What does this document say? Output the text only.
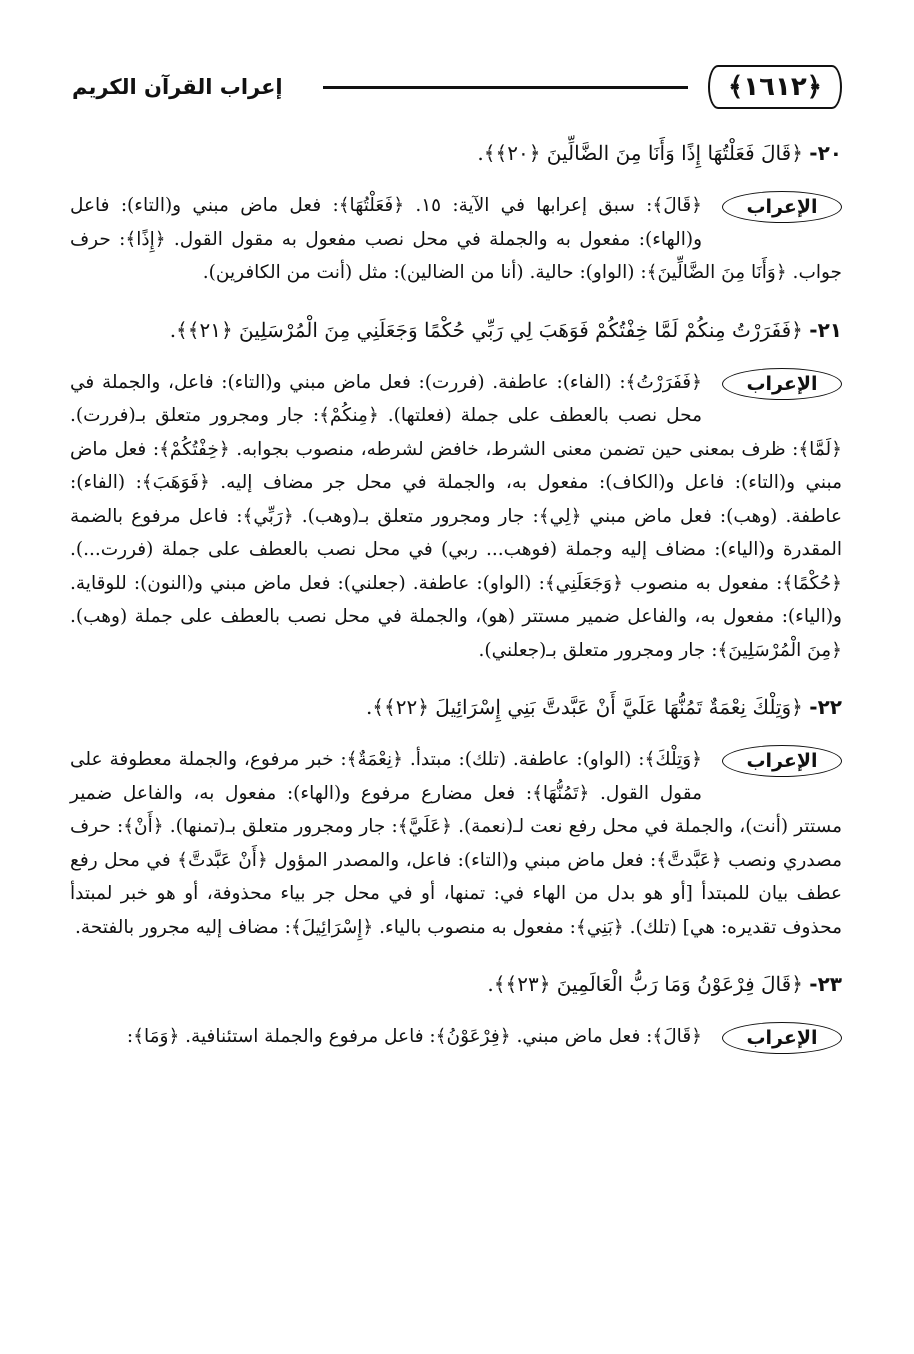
﴿١٦١٢﴾
إعراب القرآن الكريم
٢٠- ﴿قَالَ فَعَلْتُهَا إِذًا وَأَنَا مِنَ الضَّالِّينَ ﴿٢٠﴾﴾.
الإعراب
﴿قَالَ﴾: سبق إعرابها في الآية: ١٥. ﴿فَعَلْتُهَا﴾: فعل ماض مبني و(التاء): فاعل و(الهاء): مفعول به والجملة في محل نصب مفعول به مقول القول. ﴿إِذًا﴾: حرف جواب. ﴿وَأَنَا مِنَ الضَّالِّينَ﴾: (الواو): حالية. (أنا من الضالين): مثل (أنت من الكافرين).
٢١- ﴿فَفَرَرْتُ مِنكُمْ لَمَّا خِفْتُكُمْ فَوَهَبَ لِي رَبِّي حُكْمًا وَجَعَلَنِي مِنَ الْمُرْسَلِينَ ﴿٢١﴾﴾.
الإعراب
﴿فَفَرَرْتُ﴾: (الفاء): عاطفة. (فررت): فعل ماض مبني و(التاء): فاعل، والجملة في محل نصب بالعطف على جملة (فعلتها). ﴿مِنكُمْ﴾: جار ومجرور متعلق بـ(فررت). ﴿لَمَّا﴾: ظرف بمعنى حين تضمن معنى الشرط، خافض لشرطه، منصوب بجوابه. ﴿خِفْتُكُمْ﴾: فعل ماض مبني و(التاء): فاعل و(الكاف): مفعول به، والجملة في محل جر مضاف إليه. ﴿فَوَهَبَ﴾: (الفاء): عاطفة. (وهب): فعل ماض مبني ﴿لِي﴾: جار ومجرور متعلق بـ(وهب). ﴿رَبِّي﴾: فاعل مرفوع بالضمة المقدرة و(الياء): مضاف إليه وجملة (فوهب... ربي) في محل نصب بالعطف على جملة (فررت...). ﴿حُكْمًا﴾: مفعول به منصوب ﴿وَجَعَلَنِي﴾: (الواو): عاطفة. (جعلني): فعل ماض مبني و(النون): للوقاية. و(الياء): مفعول به، والفاعل ضمير مستتر (هو)، والجملة في محل نصب بالعطف على جملة (وهب). ﴿مِنَ الْمُرْسَلِينَ﴾: جار ومجرور متعلق بـ(جعلني).
٢٢- ﴿وَتِلْكَ نِعْمَةٌ تَمُنُّهَا عَلَيَّ أَنْ عَبَّدتَّ بَنِي إِسْرَائِيلَ ﴿٢٢﴾﴾.
الإعراب
﴿وَتِلْكَ﴾: (الواو): عاطفة. (تلك): مبتدأ. ﴿نِعْمَةٌ﴾: خبر مرفوع، والجملة معطوفة على مقول القول. ﴿تَمُنُّهَا﴾: فعل مضارع مرفوع و(الهاء): مفعول به، والفاعل ضمير مستتر (أنت)، والجملة في محل رفع نعت لـ(نعمة). ﴿عَلَيَّ﴾: جار ومجرور متعلق بـ(تمنها). ﴿أَنْ﴾: حرف مصدري ونصب ﴿عَبَّدتَّ﴾: فعل ماض مبني و(التاء): فاعل، والمصدر المؤول ﴿أَنْ عَبَّدتَّ﴾ في محل رفع عطف بيان للمبتدأ [أو هو بدل من الهاء في: تمنها، أو في محل جر بياء محذوفة، أو هو خبر لمبتدأ محذوف تقديره: هي] (تلك). ﴿بَنِي﴾: مفعول به منصوب بالياء. ﴿إِسْرَائِيلَ﴾: مضاف إليه مجرور بالفتحة.
٢٣- ﴿قَالَ فِرْعَوْنُ وَمَا رَبُّ الْعَالَمِينَ ﴿٢٣﴾﴾.
الإعراب
﴿قَالَ﴾: فعل ماض مبني. ﴿فِرْعَوْنُ﴾: فاعل مرفوع والجملة استئنافية. ﴿وَمَا﴾:
